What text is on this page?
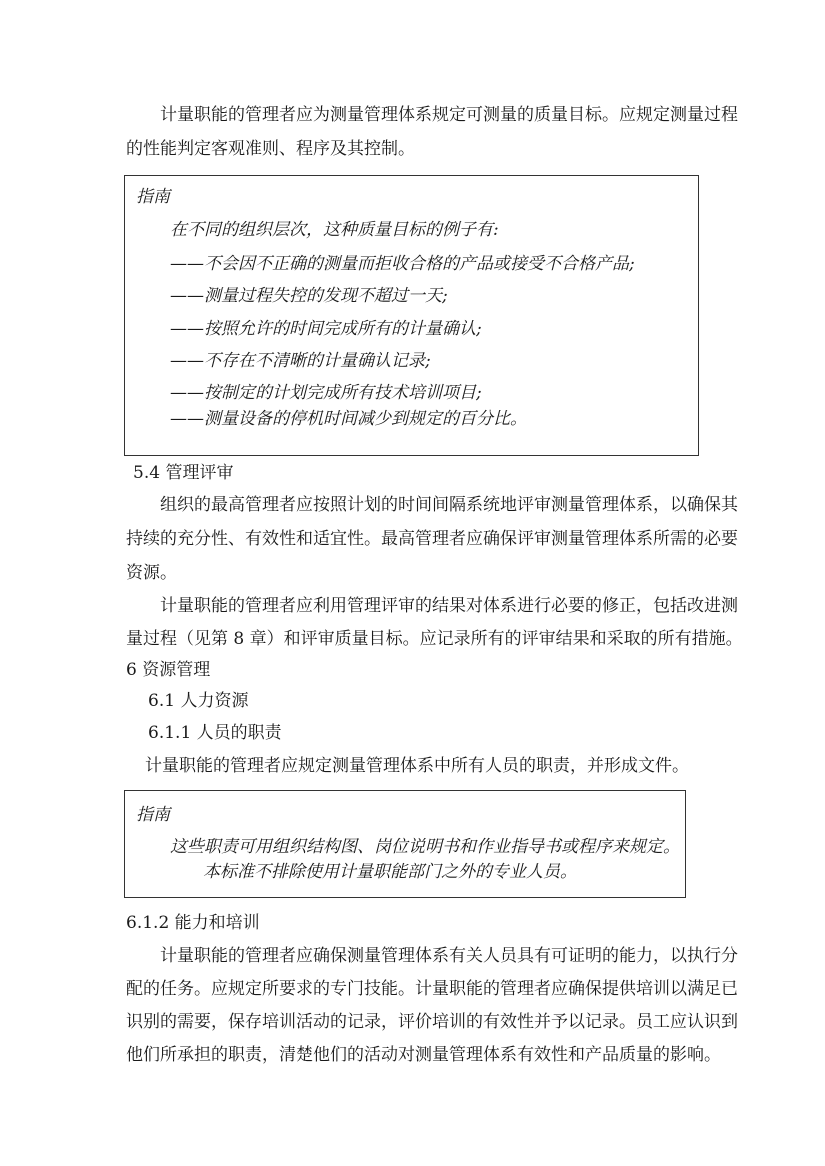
计量职能的管理者应为测量管理体系规定可测量的质量目标。应规定测量过程
的性能判定客观准则、程序及其控制。
指南
在不同的组织层次，这种质量目标的例子有:
——不会因不正确的测量而拒收合格的产品或接受不合格产品;
——测量过程失控的发现不超过一天;
——按照允许的时间完成所有的计量确认;
——不存在不清晰的计量确认记录;
——按制定的计划完成所有技术培训项目;
——测量设备的停机时间减少到规定的百分比。
5.4 管理评审
组织的最高管理者应按照计划的时间间隔系统地评审测量管理体系，以确保其
持续的充分性、有效性和适宜性。最高管理者应确保评审测量管理体系所需的必要
资源。
计量职能的管理者应利用管理评审的结果对体系进行必要的修正，包括改进测
量过程（见第 8 章）和评审质量目标。应记录所有的评审结果和采取的所有措施。
6 资源管理
6.1 人力资源
6.1.1 人员的职责
计量职能的管理者应规定测量管理体系中所有人员的职责，并形成文件。
指南
这些职责可用组织结构图、岗位说明书和作业指导书或程序来规定。
本标准不排除使用计量职能部门之外的专业人员。
6.1.2 能力和培训
计量职能的管理者应确保测量管理体系有关人员具有可证明的能力，以执行分
配的任务。应规定所要求的专门技能。计量职能的管理者应确保提供培训以满足已
识别的需要，保存培训活动的记录，评价培训的有效性并予以记录。员工应认识到
他们所承担的职责，清楚他们的活动对测量管理体系有效性和产品质量的影响。
